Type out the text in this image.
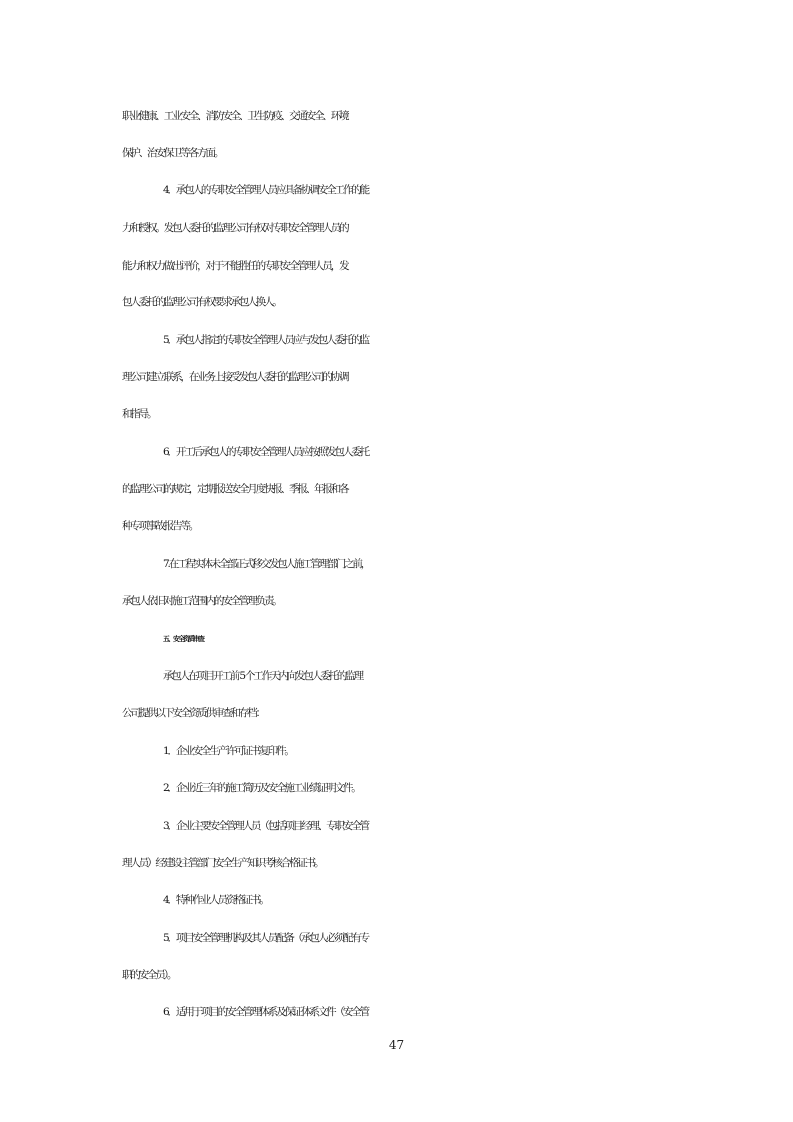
职业健康、工业安全、消防安全、卫生防疫、交通安全、环境
保护、治安保卫等各方面。
4．承包人的专职安全管理人员应具备协调安全工作的能
力和授权。发包人委托的监理公司有权对专职安全管理人员的
能力和权力做出评价，对于不能胜任的专职安全管理人员，发
包人委托的监理公司有权要求承包人换人。
5．承包人指定的专职安全管理人员应与发包人委托的监
理公司建立联系，在业务上接受发包人委托的监理公司的协调
和指导。
6．开工后承包人的专职安全管理人员应按照发包人委托
的监理公司的规定，定期报送安全月度快报、季报、年报和各
种专项事故报告等。
7.在工程实体未全部正式移交发包人施工管理部门之前，
承包人依旧对施工范围内的安全管理负责。
五、安全资质审查
承包人在项目开工前 5 个工作天内向发包人委托的监理
公司提供以下安全资质供审查和存档：
1．企业安全生产许可证书复印件。
2．企业近三年的施工简历及安全施工业绩证明文件。
3．企业主要安全管理人员（包括项目经理、专职安全管
理人员）经建设主管部门安全生产知识考核合格证书。
4．特种作业人员资格证书。
5．项目安全管理机构及其人员配备（承包人必须配有专
职的安全员）。
6．适用于项目的安全管理体系及保证体系文件（安全管
47
